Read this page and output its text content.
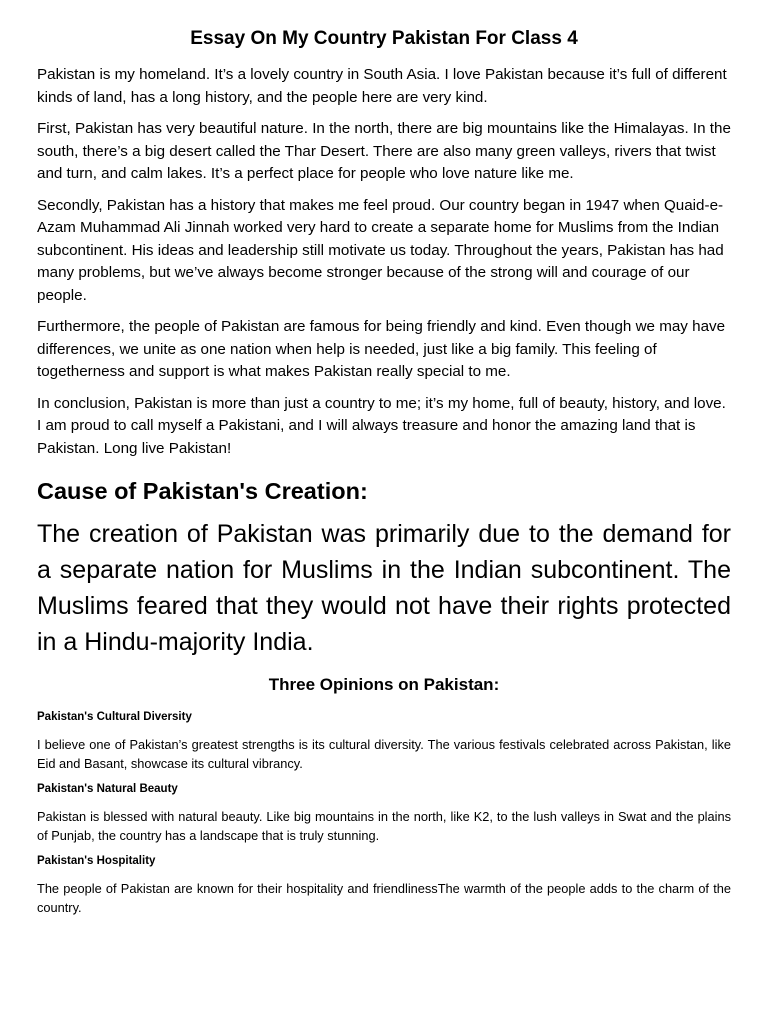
Essay On My Country Pakistan For Class 4

Pakistan is my homeland. It’s a lovely country in South Asia. I love Pakistan because it’s full of different kinds of land, has a long history, and the people here are very kind.

First, Pakistan has very beautiful nature. In the north, there are big mountains like the Himalayas. In the south, there’s a big desert called the Thar Desert. There are also many green valleys, rivers that twist and turn, and calm lakes. It’s a perfect place for people who love nature like me.

Secondly, Pakistan has a history that makes me feel proud. Our country began in 1947 when Quaid-e-Azam Muhammad Ali Jinnah worked very hard to create a separate home for Muslims from the Indian subcontinent. His ideas and leadership still motivate us today. Throughout the years, Pakistan has had many problems, but we’ve always become stronger because of the strong will and courage of our people.

Furthermore, the people of Pakistan are famous for being friendly and kind. Even though we may have differences, we unite as one nation when help is needed, just like a big family. This feeling of togetherness and support is what makes Pakistan really special to me.

In conclusion, Pakistan is more than just a country to me; it’s my home, full of beauty, history, and love. I am proud to call myself a Pakistani, and I will always treasure and honor the amazing land that is Pakistan. Long live Pakistan!

Cause of Pakistan's Creation:

The creation of Pakistan was primarily due to the demand for a separate nation for Muslims in the Indian subcontinent. The Muslims feared that they would not have their rights protected in a Hindu-majority India.

Three Opinions on Pakistan:
Pakistan's Cultural Diversity

I believe one of Pakistan’s greatest strengths is its cultural diversity. The various festivals celebrated across Pakistan, like Eid and Basant, showcase its cultural vibrancy.

Pakistan's Natural Beauty

Pakistan is blessed with natural beauty. Like big mountains in the north, like K2, to the lush valleys in Swat and the plains of Punjab, the country has a landscape that is truly stunning.

Pakistan's Hospitality

The people of Pakistan are known for their hospitality and friendlinessThe warmth of the people adds to the charm of the country.
